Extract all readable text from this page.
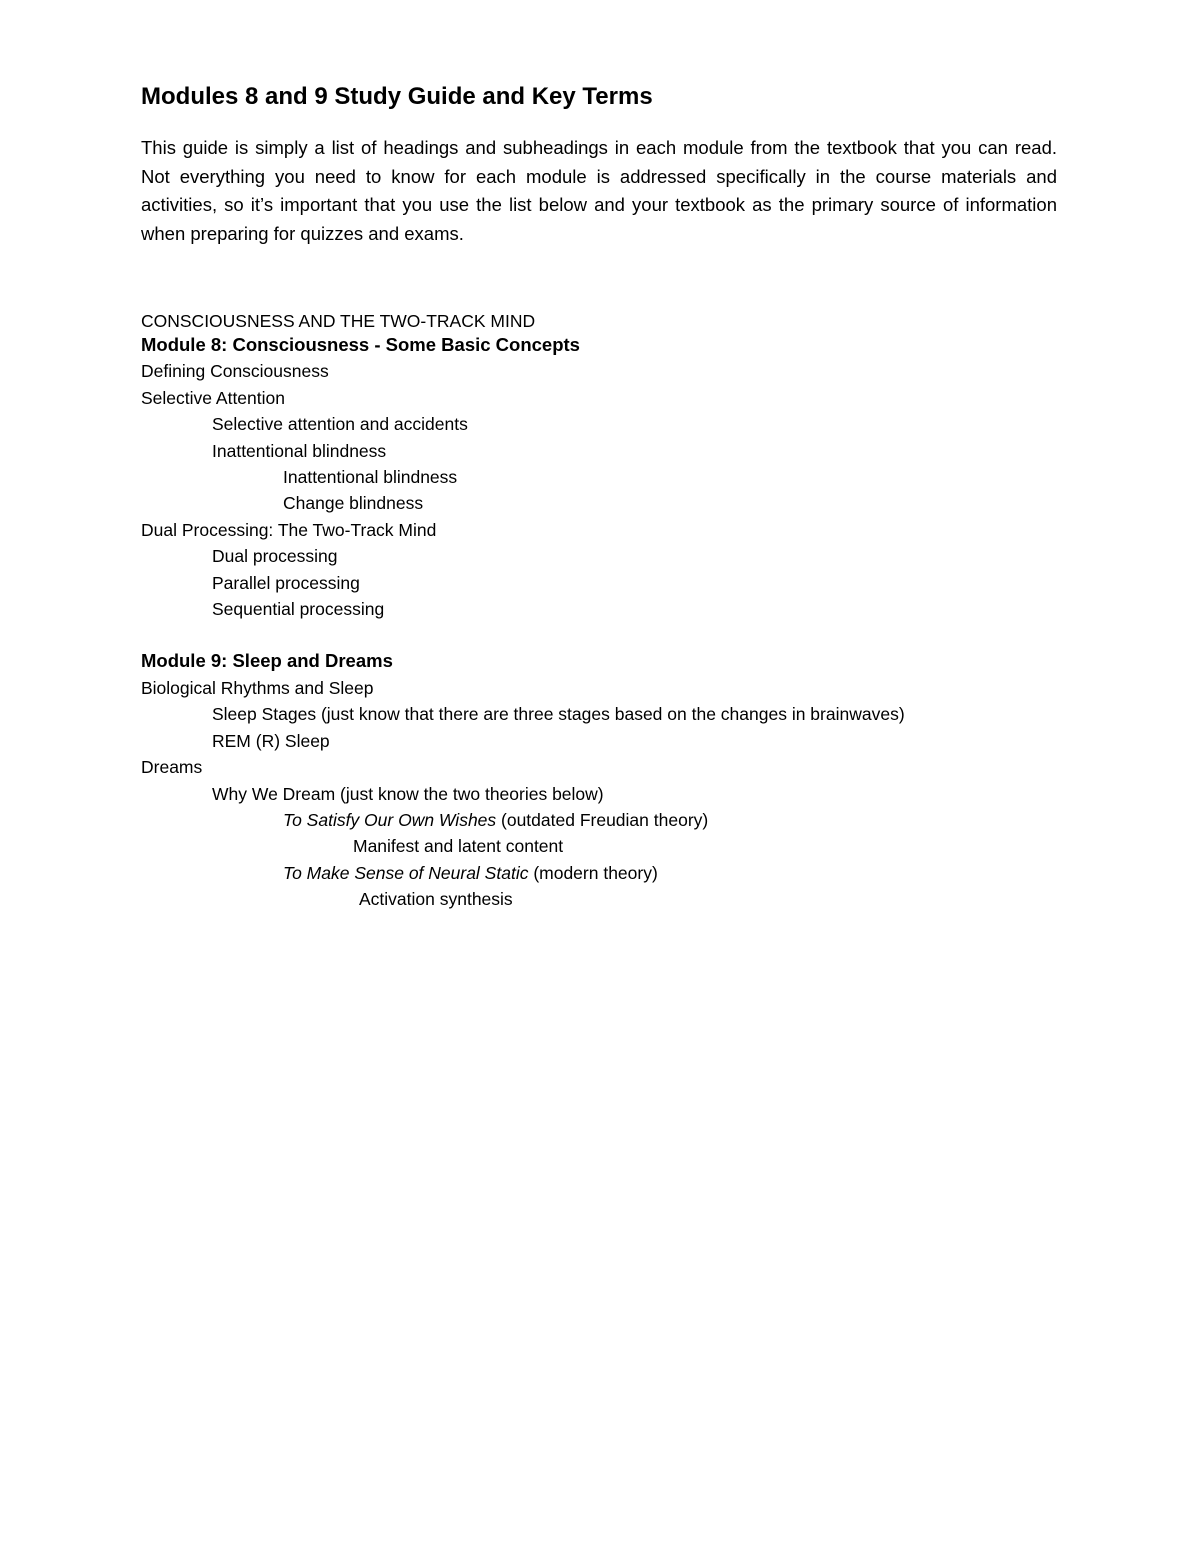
Modules 8 and 9 Study Guide and Key Terms

This guide is simply a list of headings and subheadings in each module from the textbook that you can read. Not everything you need to know for each module is addressed specifically in the course materials and activities, so it’s important that you use the list below and your textbook as the primary source of information when preparing for quizzes and exams.

CONSCIOUSNESS AND THE TWO-TRACK MIND

Module 8: Consciousness - Some Basic Concepts
Defining Consciousness
Selective Attention
Selective attention and accidents
Inattentional blindness
Inattentional blindness
Change blindness
Dual Processing: The Two-Track Mind
Dual processing
Parallel processing
Sequential processing
Module 9: Sleep and Dreams
Biological Rhythms and Sleep
Sleep Stages (just know that there are three stages based on the changes in brainwaves)
REM (R) Sleep
Dreams
Why We Dream (just know the two theories below)
To Satisfy Our Own Wishes (outdated Freudian theory)
Manifest and latent content
To Make Sense of Neural Static (modern theory)
Activation synthesis
